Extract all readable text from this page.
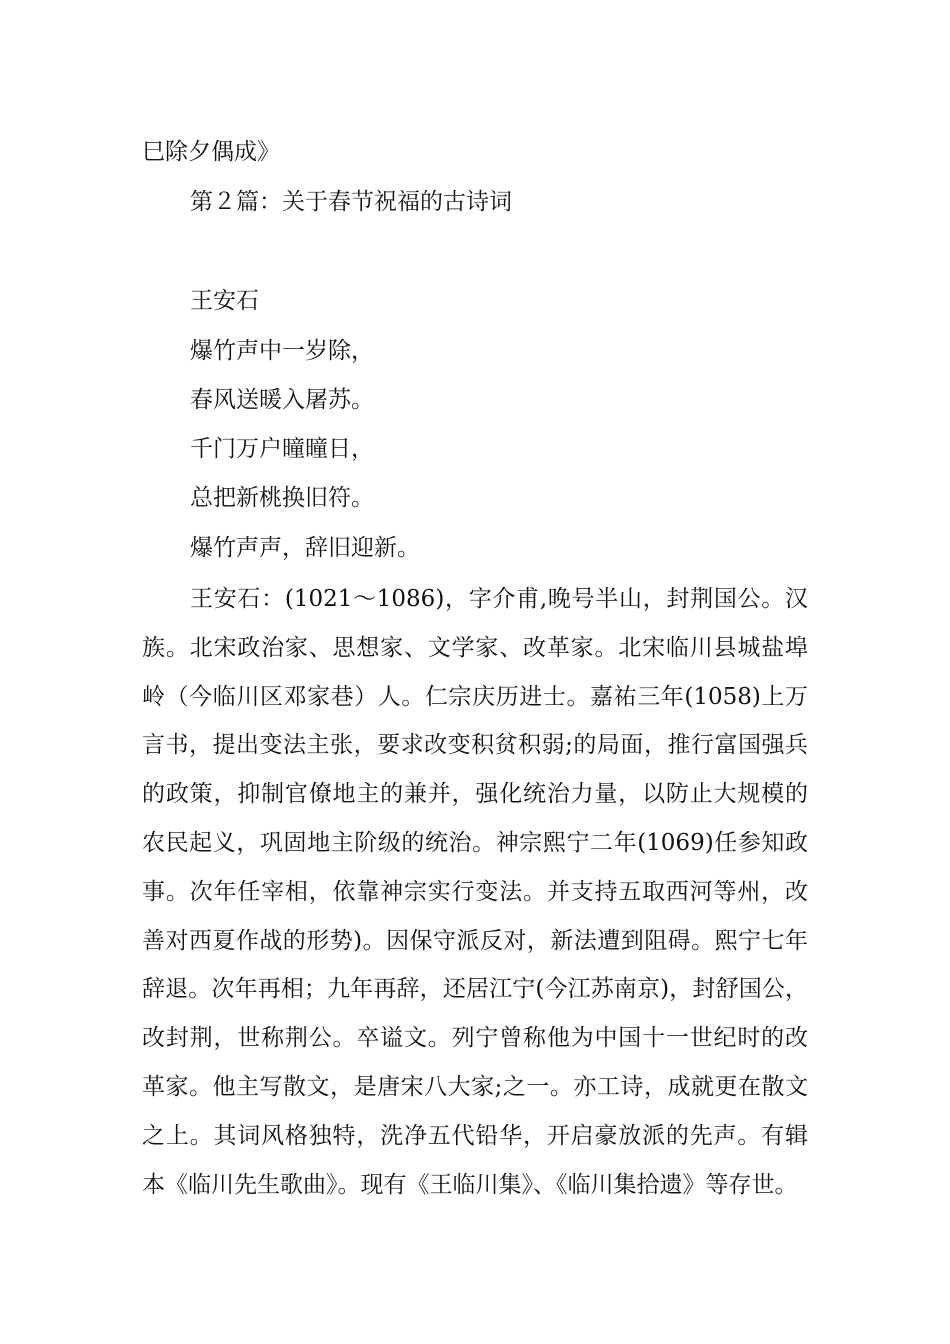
巳除夕偶成》

第２篇：关于春节祝福的古诗词

王安石

爆竹声中一岁除，

春风送暖入屠苏。

千门万户曈曈日，

总把新桃换旧符。

爆竹声声，辞旧迎新。

王安石：(1021～1086)，字介甫,晚号半山，封荆国公。汉族。北宋政治家、思想家、文学家、改革家。北宋临川县城盐埠岭（今临川区邓家巷）人。仁宗庆历进士。嘉祐三年(1058)上万言书，提出变法主张，要求改变积贫积弱;的局面，推行富国强兵的政策，抑制官僚地主的兼并，强化统治力量，以防止大规模的农民起义，巩固地主阶级的统治。神宗熙宁二年(1069)任参知政事。次年任宰相，依靠神宗实行变法。并支持五取西河等州，改善对西夏作战的形势)。因保守派反对，新法遭到阻碍。熙宁七年辞退。次年再相；九年再辞，还居江宁(今江苏南京)，封舒国公，改封荆，世称荆公。卒谥文。列宁曾称他为中国十一世纪时的改革家。他主写散文，是唐宋八大家;之一。亦工诗，成就更在散文之上。其词风格独特，洗净五代铅华，开启豪放派的先声。有辑本《临川先生歌曲》。现有《王临川集》、《临川集拾遗》等存世。
